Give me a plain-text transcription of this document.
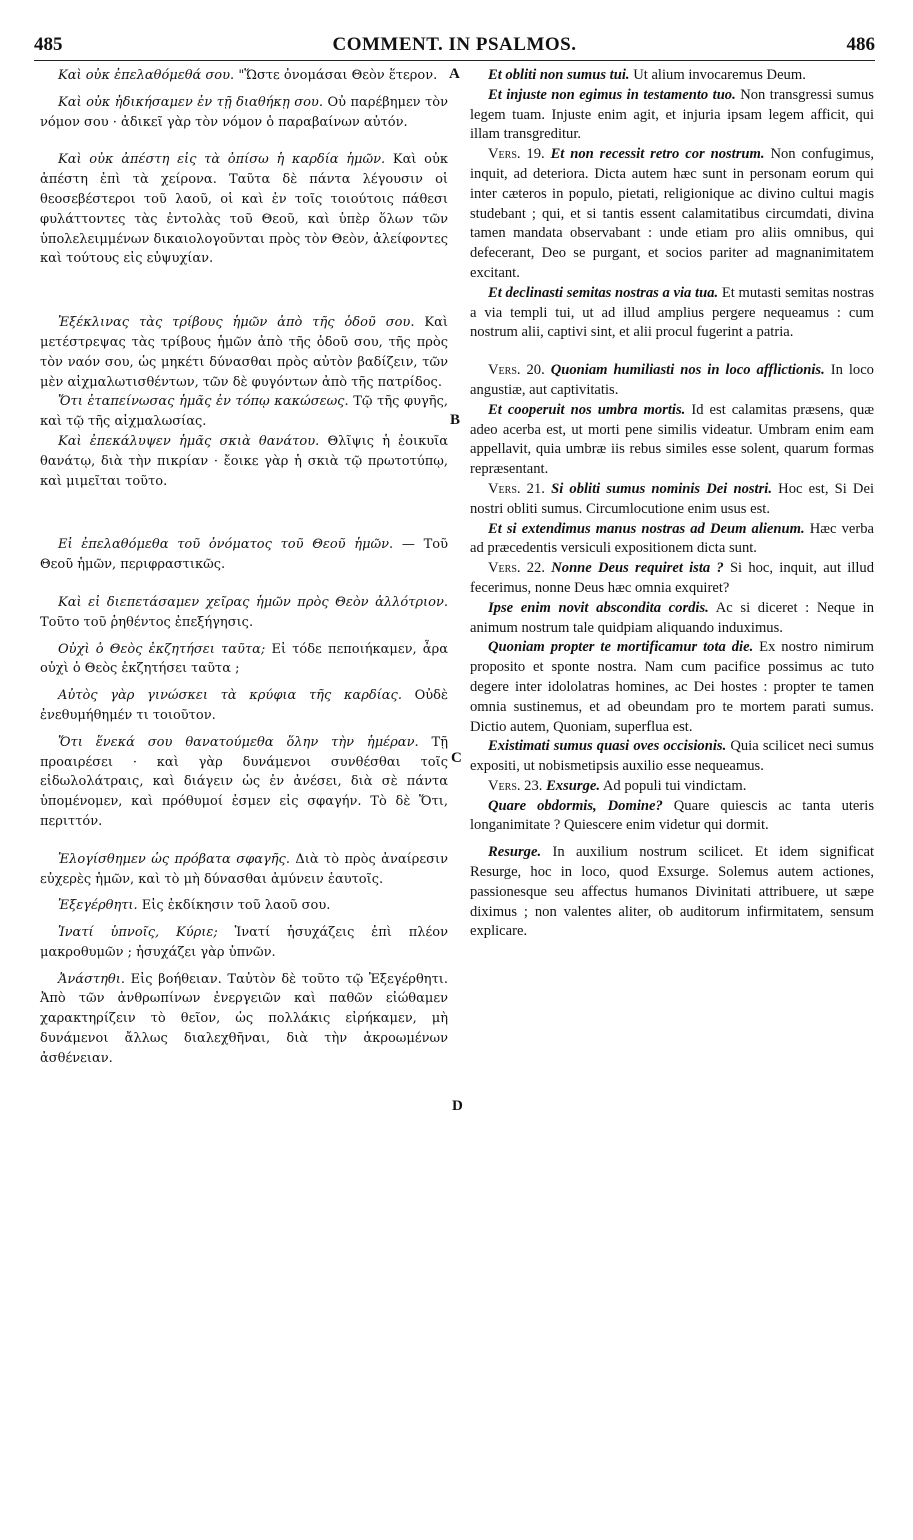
485	COMMENT. IN PSALMOS.	486

Καὶ οὐκ ἐπελαθόμεθά σου. "Ὥστε ὀνομάσαι Θεὸν ἕτερον.

Καὶ οὐκ ἠδικήσαμεν ἐν τῇ διαθήκῃ σου. Οὐ παρέβημεν τὸν νόμον σου · ἀδικεῖ γὰρ τὸν νόμον ὁ παραβαίνων αὐτόν.

Καὶ οὐκ ἀπέστη εἰς τὰ ὀπίσω ἡ καρδία ἡμῶν. Καὶ οὐκ ἀπέστη ἐπὶ τὰ χείρονα. Ταῦτα δὲ πάντα λέγουσιν οἱ θεοσεβέστεροι τοῦ λαοῦ, οἱ καὶ ἐν τοῖς τοιούτοις πάθεσι φυλάττοντες τὰς ἐντολὰς τοῦ Θεοῦ, καὶ ὑπὲρ ὅλων τῶν ὑπολελειμμένων δικαιολογοῦνται πρὸς τὸν Θεὸν, ἀλείφοντες καὶ τούτους εἰς εὐψυχίαν.

Ἐξέκλινας τὰς τρίβους ἡμῶν ἀπὸ τῆς ὁδοῦ σου. Καὶ μετέστρεψας τὰς τρίβους ἡμῶν ἀπὸ τῆς ὁδοῦ σου, τῆς πρὸς τὸν ναόν σου, ὡς μηκέτι δύνασθαι πρὸς αὐτὸν βαδίζειν, τῶν μὲν αἰχμαλωτισθέντων, τῶν δὲ φυγόντων ἀπὸ τῆς πατρίδος.

Ὅτι ἐταπείνωσας ἡμᾶς ἐν τόπῳ κακώσεως. Τῷ τῆς φυγῆς, καὶ τῷ τῆς αἰχμαλωσίας.

Καὶ ἐπεκάλυψεν ἡμᾶς σκιὰ θανάτου. Θλῖψις ἡ ἐοικυῖα θανάτῳ, διὰ τὴν πικρίαν · ἔοικε γὰρ ἡ σκιὰ τῷ πρωτοτύπῳ, καὶ μιμεῖται τοῦτο.

Εἰ ἐπελαθόμεθα τοῦ ὀνόματος τοῦ Θεοῦ ἡμῶν. — Τοῦ Θεοῦ ἡμῶν, περιφραστικῶς.

Καὶ εἰ διεπετάσαμεν χεῖρας ἡμῶν πρὸς Θεὸν ἀλλότριον. Τοῦτο τοῦ ῥηθέντος ἐπεξήγησις.

Οὐχὶ ὁ Θεὸς ἐκζητήσει ταῦτα; Εἰ τόδε πεποιήκαμεν, ἆρα οὐχὶ ὁ Θεὸς ἐκζητήσει ταῦτα ;

Αὐτὸς γὰρ γινώσκει τὰ κρύφια τῆς καρδίας. Οὐδὲ ἐνεθυμήθημέν τι τοιοῦτον.

Ὅτι ἕνεκά σου θανατούμεθα ὅλην τὴν ἡμέραν. Τῇ προαιρέσει · καὶ γὰρ δυνάμενοι συνθέσθαι τοῖς εἰδωλολάτραις, καὶ διάγειν ὡς ἐν ἀνέσει, διὰ σὲ πάντα ὑπομένομεν, καὶ πρόθυμοί ἐσμεν εἰς σφαγήν. Τὸ δὲ Ὅτι, περιττόν.

Ἐλογίσθημεν ὡς πρόβατα σφαγῆς. Διὰ τὸ πρὸς ἀναίρεσιν εὐχερὲς ἡμῶν, καὶ τὸ μὴ δύνασθαι ἀμύνειν ἑαυτοῖς.

Ἐξεγέρθητι. Εἰς ἐκδίκησιν τοῦ λαοῦ σου.

Ἱνατί ὑπνοῖς, Κύριε; Ἱνατί ἡσυχάζεις ἐπὶ πλέον μακροθυμῶν ; ἡσυχάζει γὰρ ὑπνῶν.

Ἀνάστηθι. Εἰς βοήθειαν. Ταὐτὸν δὲ τοῦτο τῷ Ἐξεγέρθητι. Ἀπὸ τῶν ἀνθρωπίνων ἐνεργειῶν καὶ παθῶν εἰώθαμεν χαρακτηρίζειν τὸ θεῖον, ὡς πολλάκις εἰρήκαμεν, μὴ δυνάμενοι ἄλλως διαλεχθῆναι, διὰ τὴν ἀκροωμένων ἀσθένειαν.

A
B
C
D

Et obliti non sumus tui. Ut alium invocaremus Deum.

Et injuste non egimus in testamento tuo. Non transgressi sumus legem tuam. Injuste enim agit, et injuria ipsam legem afficit, qui illam transgreditur.

Vers. 19. Et non recessit retro cor nostrum. Non confugimus, inquit, ad deteriora. Dicta autem hæc sunt in personam eorum qui inter cæteros in populo, pietati, religionique ac divino cultui magis studebant ; qui, et si tantis essent calamitatibus circumdati, divina tamen mandata observabant : unde etiam pro aliis omnibus, qui defecerant, Deo se purgant, et socios pariter ad magnanimitatem excitant.

Et declinasti semitas nostras a via tua. Et mutasti semitas nostras a via templi tui, ut ad illud amplius pergere nequeamus : cum nostrum alii, captivi sint, et alii procul fugerint a patria.

Vers. 20. Quoniam humiliasti nos in loco afflictionis. In loco angustiæ, aut captivitatis.

Et cooperuit nos umbra mortis. Id est calamitas præsens, quæ adeo acerba est, ut morti pene similis videatur. Umbram enim eam appellavit, quia umbræ iis rebus similes esse solent, quarum formas repræsentant.

Vers. 21. Si obliti sumus nominis Dei nostri. Hoc est, Si Dei nostri obliti sumus. Circumlocutione enim usus est.

Et si extendimus manus nostras ad Deum alienum. Hæc verba ad præcedentis versiculi expositionem dicta sunt.

Vers. 22. Nonne Deus requiret ista ? Si hoc, inquit, aut illud fecerimus, nonne Deus hæc omnia exquiret?

Ipse enim novit abscondita cordis. Ac si diceret : Neque in animum nostrum tale quidpiam aliquando induximus.

Quoniam propter te mortificamur tota die. Ex nostro nimirum proposito et sponte nostra. Nam cum pacifice possimus ac tuto degere inter idololatras homines, ac Dei hostes : propter te tamen omnia sustinemus, et ad obeundam pro te mortem parati sumus. Dictio autem, Quoniam, superflua est.

Existimati sumus quasi oves occisionis. Quia scilicet neci sumus expositi, ut nobismetipsis auxilio esse nequeamus.

Vers. 23. Exsurge. Ad populi tui vindictam.

Quare obdormis, Domine? Quare quiescis ac tanta uteris longanimitate ? Quiescere enim videtur qui dormit.

Resurge. In auxilium nostrum scilicet. Et idem significat Resurge, hoc in loco, quod Exsurge. Solemus autem actiones, passionesque seu affectus humanos Divinitati attribuere, ut sæpe diximus ; non valentes aliter, ob auditorum infirmitatem, sensum explicare.
